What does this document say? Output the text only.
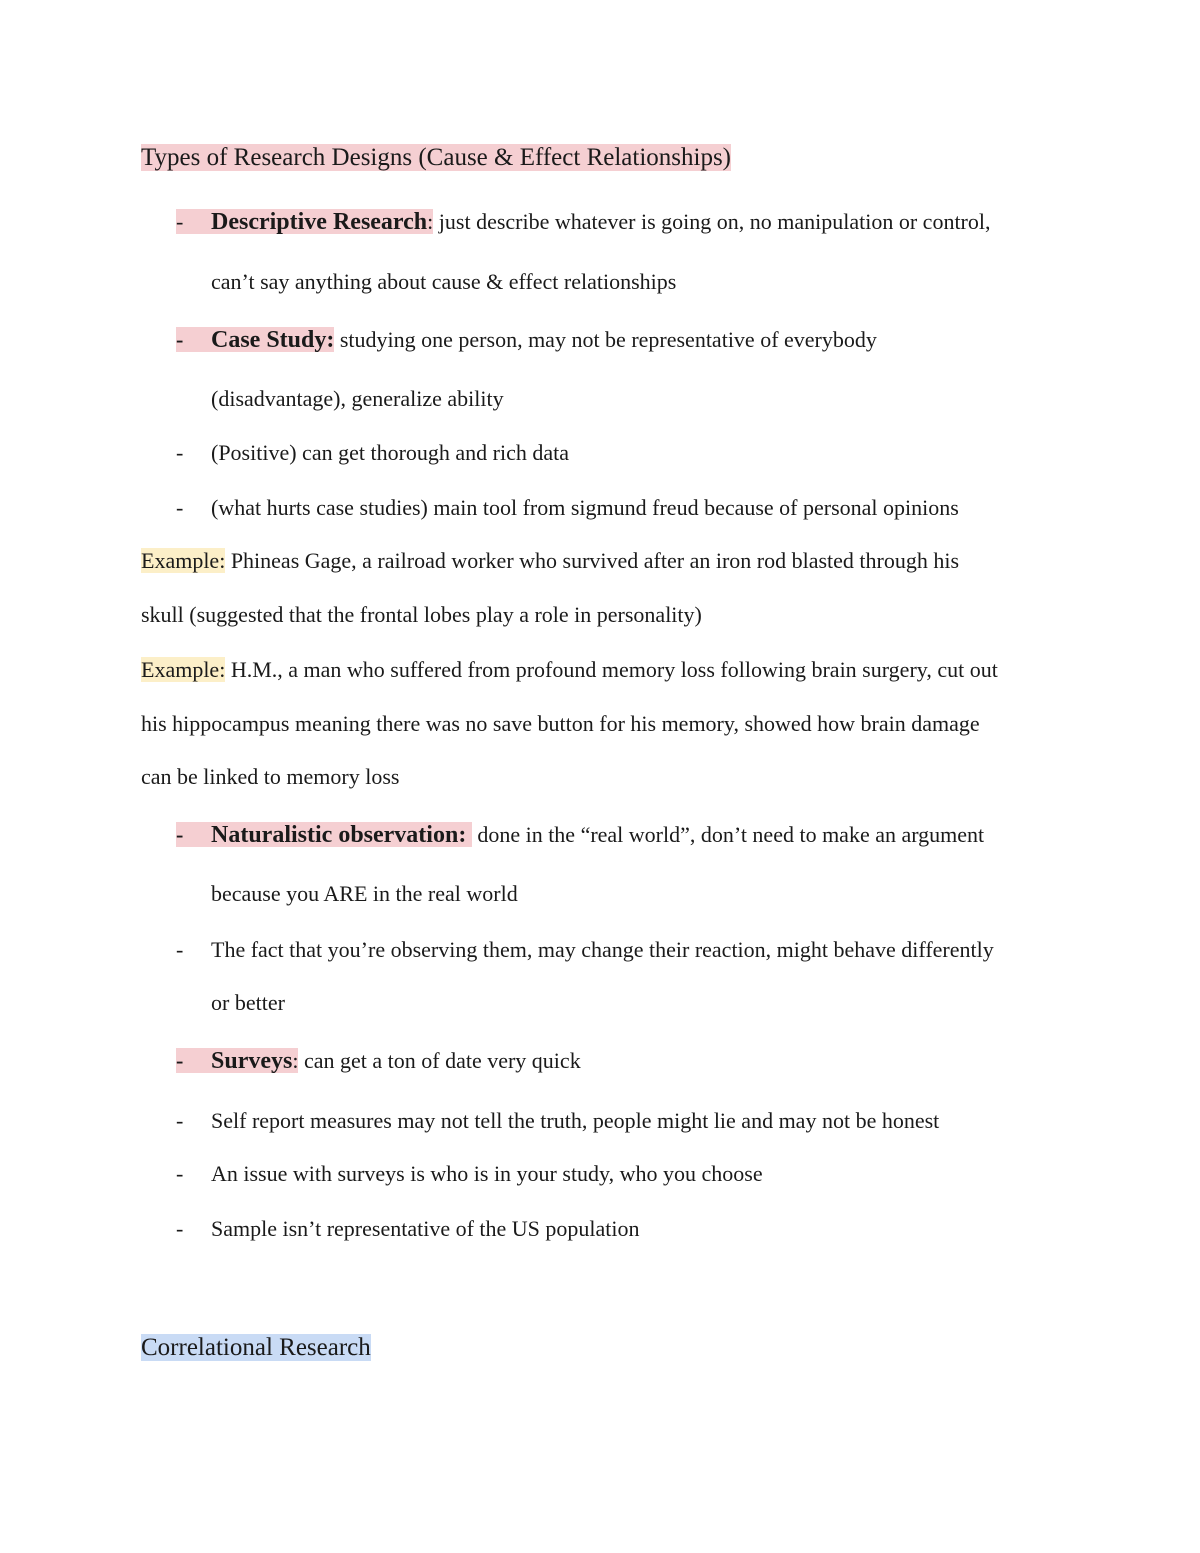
Types of Research Designs (Cause & Effect Relationships)
- Descriptive Research: just describe whatever is going on, no manipulation or control,
can’t say anything about cause & effect relationships
- Case Study: studying one person, may not be representative of everybody
(disadvantage), generalize ability
- (Positive) can get thorough and rich data
- (what hurts case studies) main tool from sigmund freud because of personal opinions
Example: Phineas Gage, a railroad worker who survived after an iron rod blasted through his
skull (suggested that the frontal lobes play a role in personality)
Example: H.M., a man who suffered from profound memory loss following brain surgery, cut out
his hippocampus meaning there was no save button for his memory, showed how brain damage
can be linked to memory loss
- Naturalistic observation:  done in the “real world”, don’t need to make an argument
because you ARE in the real world
- The fact that you’re observing them, may change their reaction, might behave differently
or better
- Surveys: can get a ton of date very quick
- Self report measures may not tell the truth, people might lie and may not be honest
- An issue with surveys is who is in your study, who you choose
- Sample isn’t representative of the US population
Correlational Research
